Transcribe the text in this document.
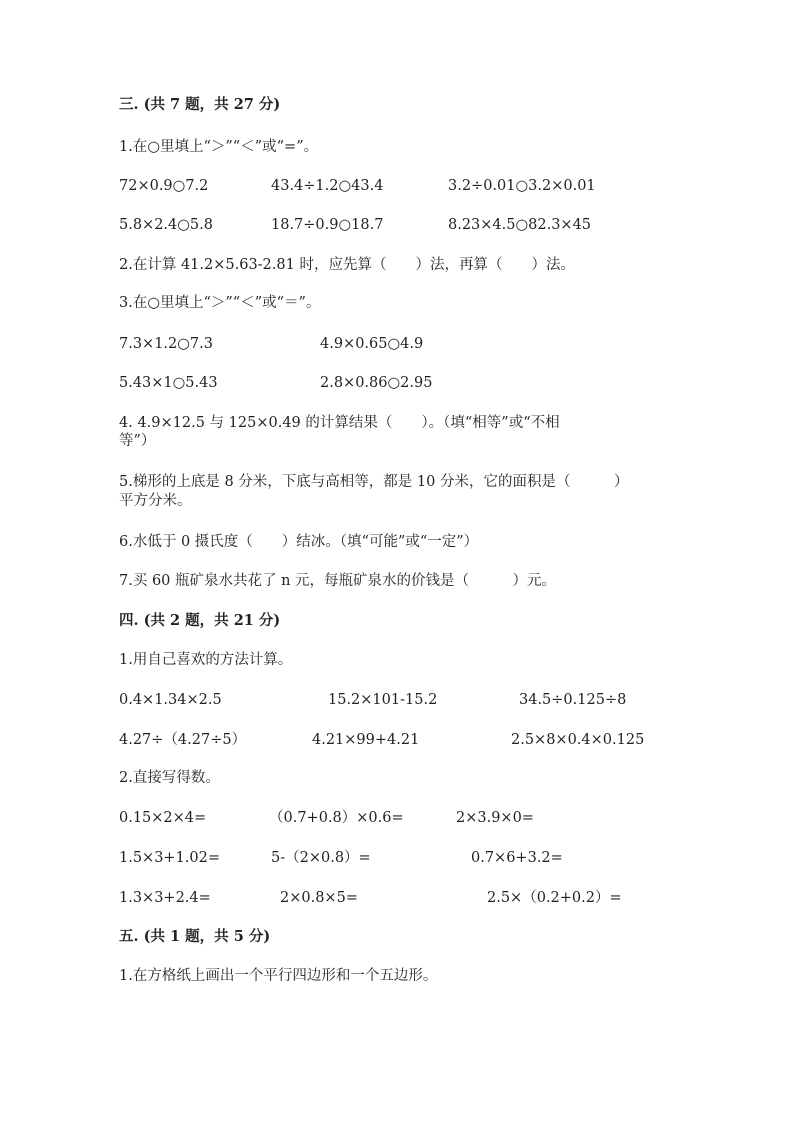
三. (共 7 题，共 27 分)
1.在○里填上“＞”“＜”或“=”。
72×0.9○7.2	43.4÷1.2○43.4	3.2÷0.01○3.2×0.01
5.8×2.4○5.8	18.7÷0.9○18.7	8.23×4.5○82.3×45
2.在计算 41.2×5.63-2.81 时，应先算（　　）法，再算（　　）法。
3.在○里填上“＞”“＜”或“＝”。
7.3×1.2○7.3	4.9×0.65○4.9
5.43×1○5.43	2.8×0.86○2.95
4. 4.9×12.5 与 125×0.49 的计算结果（　　）。（填“相等”或“不相
等”）
5.梯形的上底是 8 分米，下底与高相等，都是 10 分米，它的面积是（　　　）
平方分米。
6.水低于 0 摄氏度（　　）结冰。（填“可能”或“一定”）
7.买 60 瓶矿泉水共花了 n 元，每瓶矿泉水的价钱是（　　　）元。
四. (共 2 题，共 21 分)
1.用自己喜欢的方法计算。
0.4×1.34×2.5	15.2×101-15.2	34.5÷0.125÷8
4.27÷（4.27÷5）	4.21×99+4.21	2.5×8×0.4×0.125
2.直接写得数。
0.15×2×4=	（0.7+0.8）×0.6=	2×3.9×0=
1.5×3+1.02=	5-（2×0.8）=	0.7×6+3.2=
1.3×3+2.4=	2×0.8×5=	2.5×（0.2+0.2）=
五. (共 1 题，共 5 分)
1.在方格纸上画出一个平行四边形和一个五边形。
